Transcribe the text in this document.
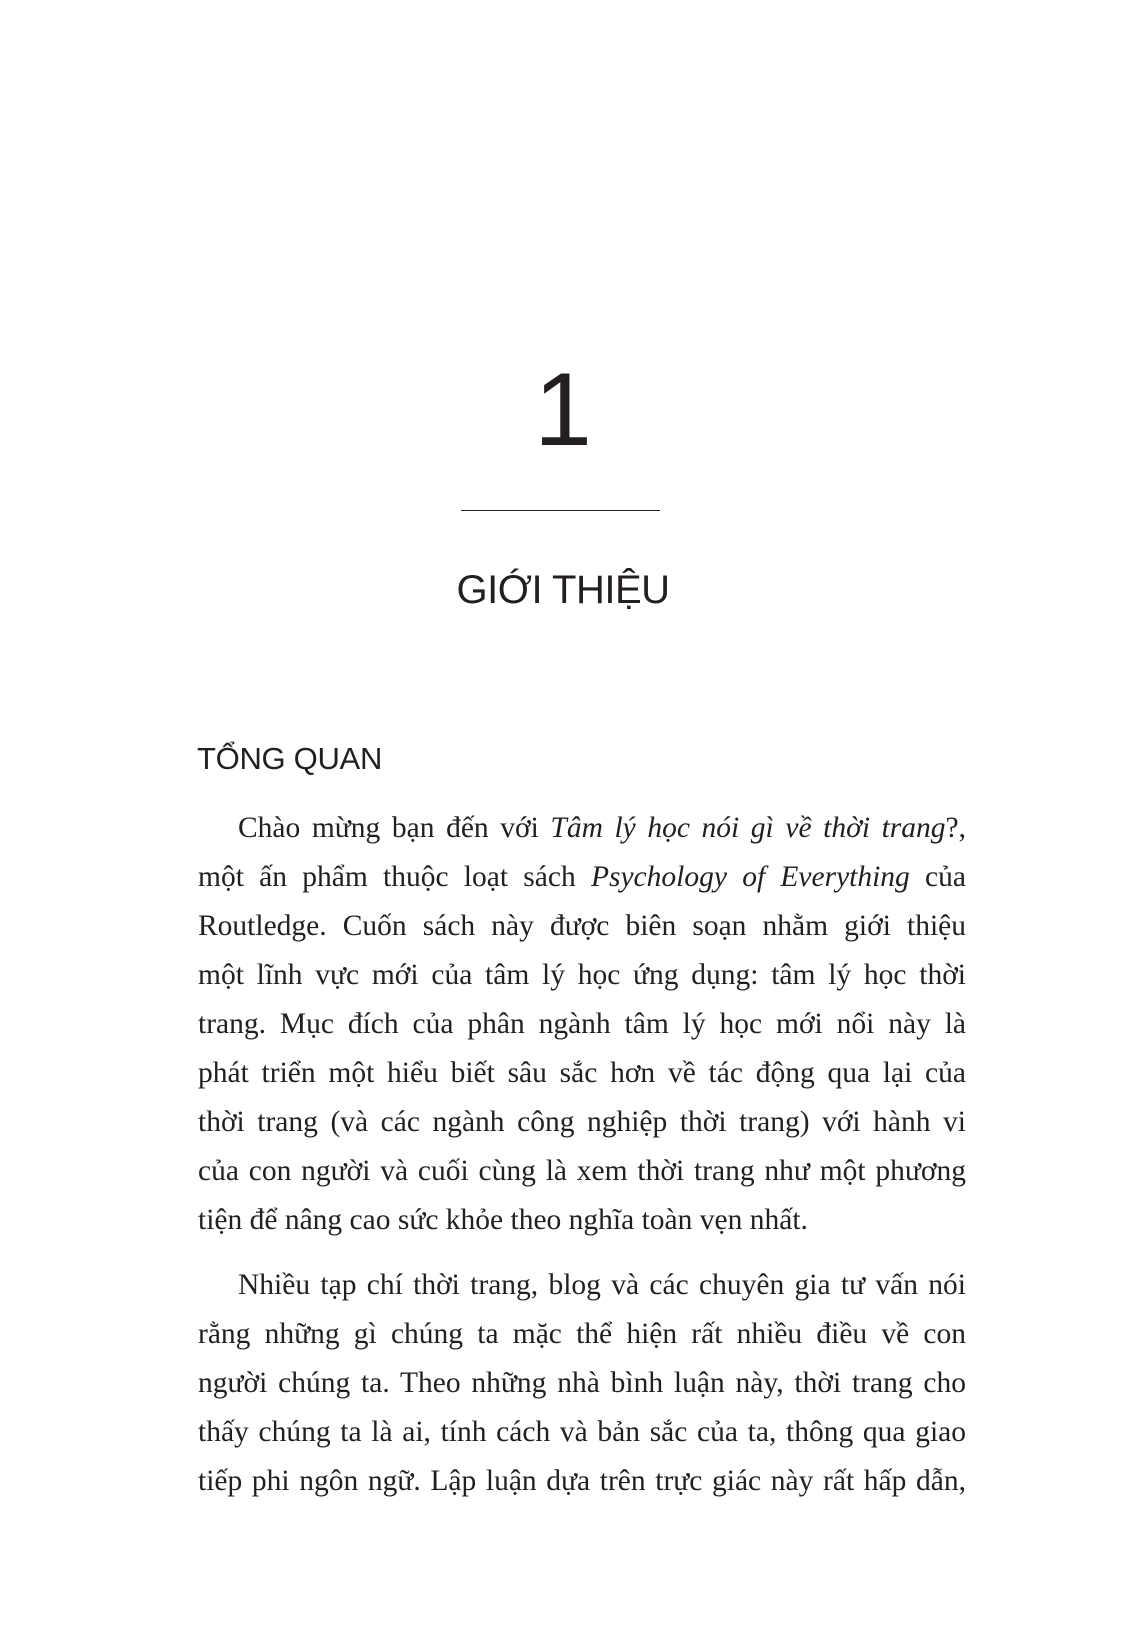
1
GIỚI THIỆU
TỔNG QUAN
Chào mừng bạn đến với Tâm lý học nói gì về thời trang?,
một ấn phẩm thuộc loạt sách Psychology of Everything của
Routledge. Cuốn sách này được biên soạn nhằm giới thiệu
một lĩnh vực mới của tâm lý học ứng dụng: tâm lý học thời
trang. Mục đích của phân ngành tâm lý học mới nổi này là
phát triển một hiểu biết sâu sắc hơn về tác động qua lại của
thời trang (và các ngành công nghiệp thời trang) với hành vi
của con người và cuối cùng là xem thời trang như một phương
tiện để nâng cao sức khỏe theo nghĩa toàn vẹn nhất.
Nhiều tạp chí thời trang, blog và các chuyên gia tư vấn nói
rằng những gì chúng ta mặc thể hiện rất nhiều điều về con
người chúng ta. Theo những nhà bình luận này, thời trang cho
thấy chúng ta là ai, tính cách và bản sắc của ta, thông qua giao
tiếp phi ngôn ngữ. Lập luận dựa trên trực giác này rất hấp dẫn,
